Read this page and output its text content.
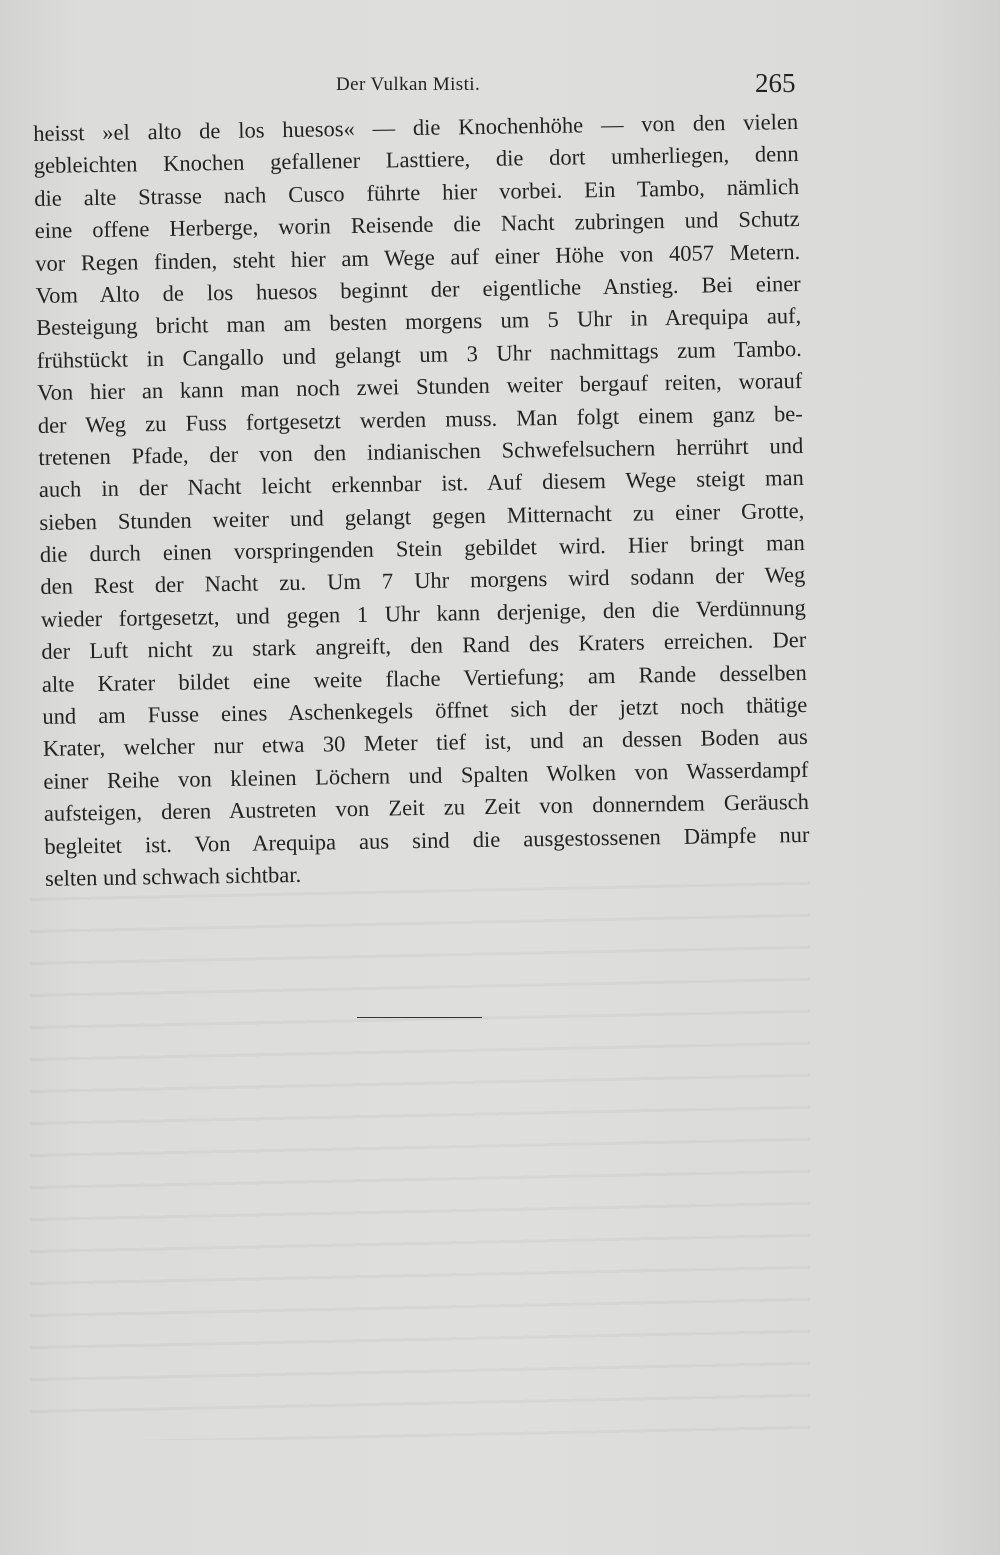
Der Vulkan Misti.	265
heisst »el alto de los huesos« — die Knochenhöhe — von den vielen
gebleichten Knochen gefallener Lasttiere, die dort umherliegen, denn
die alte Strasse nach Cusco führte hier vorbei. Ein Tambo, nämlich
eine offene Herberge, worin Reisende die Nacht zubringen und Schutz
vor Regen finden, steht hier am Wege auf einer Höhe von 4057 Metern.
Vom Alto de los huesos beginnt der eigentliche Anstieg. Bei einer
Besteigung bricht man am besten morgens um 5 Uhr in Arequipa auf,
frühstückt in Cangallo und gelangt um 3 Uhr nachmittags zum Tambo.
Von hier an kann man noch zwei Stunden weiter bergauf reiten, worauf
der Weg zu Fuss fortgesetzt werden muss. Man folgt einem ganz be-
tretenen Pfade, der von den indianischen Schwefelsuchern herrührt und
auch in der Nacht leicht erkennbar ist. Auf diesem Wege steigt man
sieben Stunden weiter und gelangt gegen Mitternacht zu einer Grotte,
die durch einen vorspringenden Stein gebildet wird. Hier bringt man
den Rest der Nacht zu. Um 7 Uhr morgens wird sodann der Weg
wieder fortgesetzt, und gegen 1 Uhr kann derjenige, den die Verdünnung
der Luft nicht zu stark angreift, den Rand des Kraters erreichen. Der
alte Krater bildet eine weite flache Vertiefung; am Rande desselben
und am Fusse eines Aschenkegels öffnet sich der jetzt noch thätige
Krater, welcher nur etwa 30 Meter tief ist, und an dessen Boden aus
einer Reihe von kleinen Löchern und Spalten Wolken von Wasserdampf
aufsteigen, deren Austreten von Zeit zu Zeit von donnerndem Geräusch
begleitet ist. Von Arequipa aus sind die ausgestossenen Dämpfe nur
selten und schwach sichtbar.
